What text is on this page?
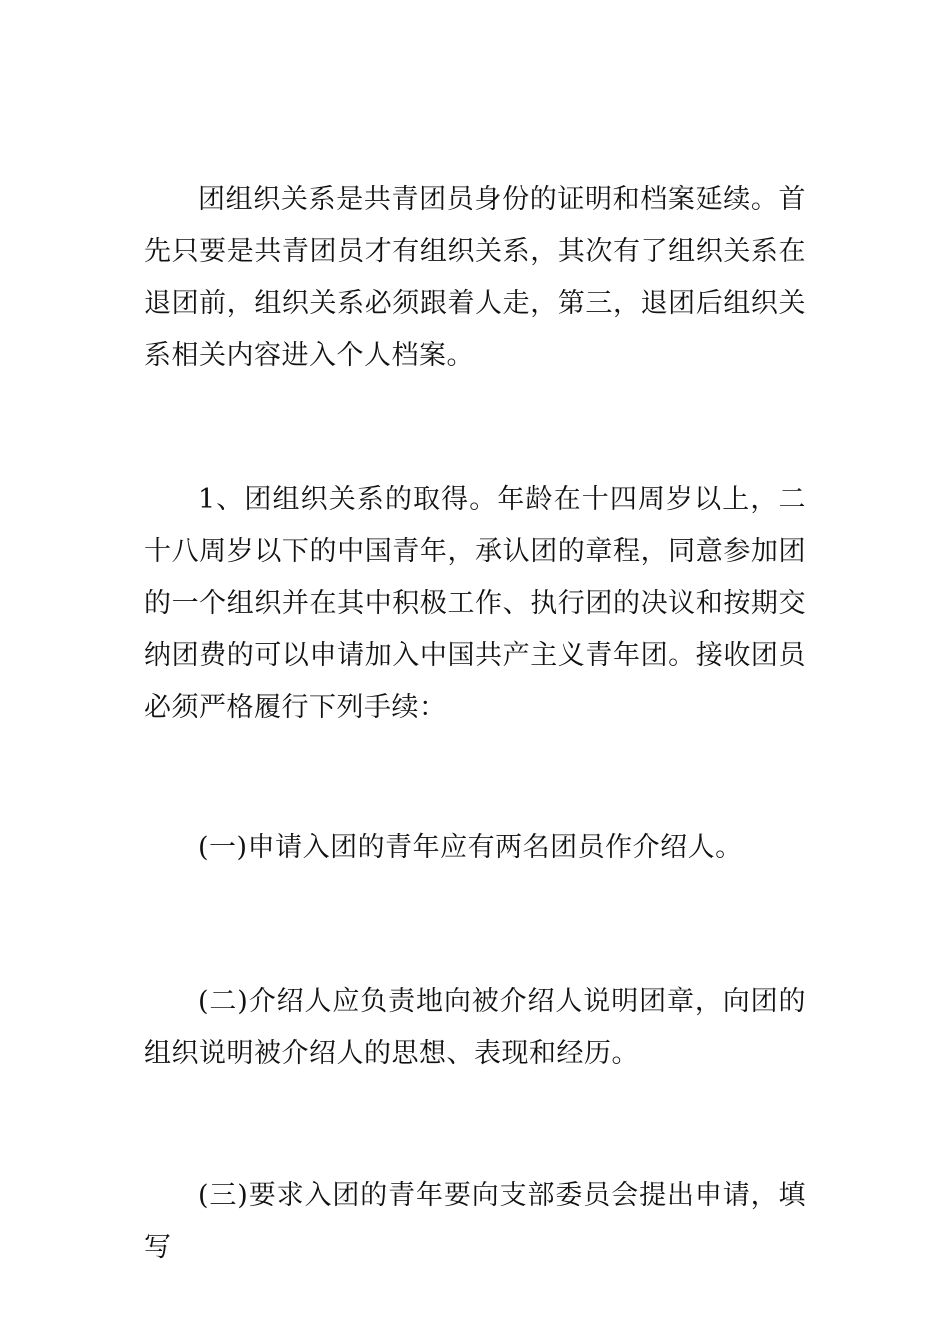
团组织关系是共青团员身份的证明和档案延续。首先只要是共青团员才有组织关系，其次有了组织关系在退团前，组织关系必须跟着人走，第三，退团后组织关系相关内容进入个人档案。

1、团组织关系的取得。年龄在十四周岁以上，二十八周岁以下的中国青年，承认团的章程，同意参加团的一个组织并在其中积极工作、执行团的决议和按期交纳团费的可以申请加入中国共产主义青年团。接收团员必须严格履行下列手续：

(一)申请入团的青年应有两名团员作介绍人。

(二)介绍人应负责地向被介绍人说明团章，向团的组织说明被介绍人的思想、表现和经历。

(三)要求入团的青年要向支部委员会提出申请，填写
